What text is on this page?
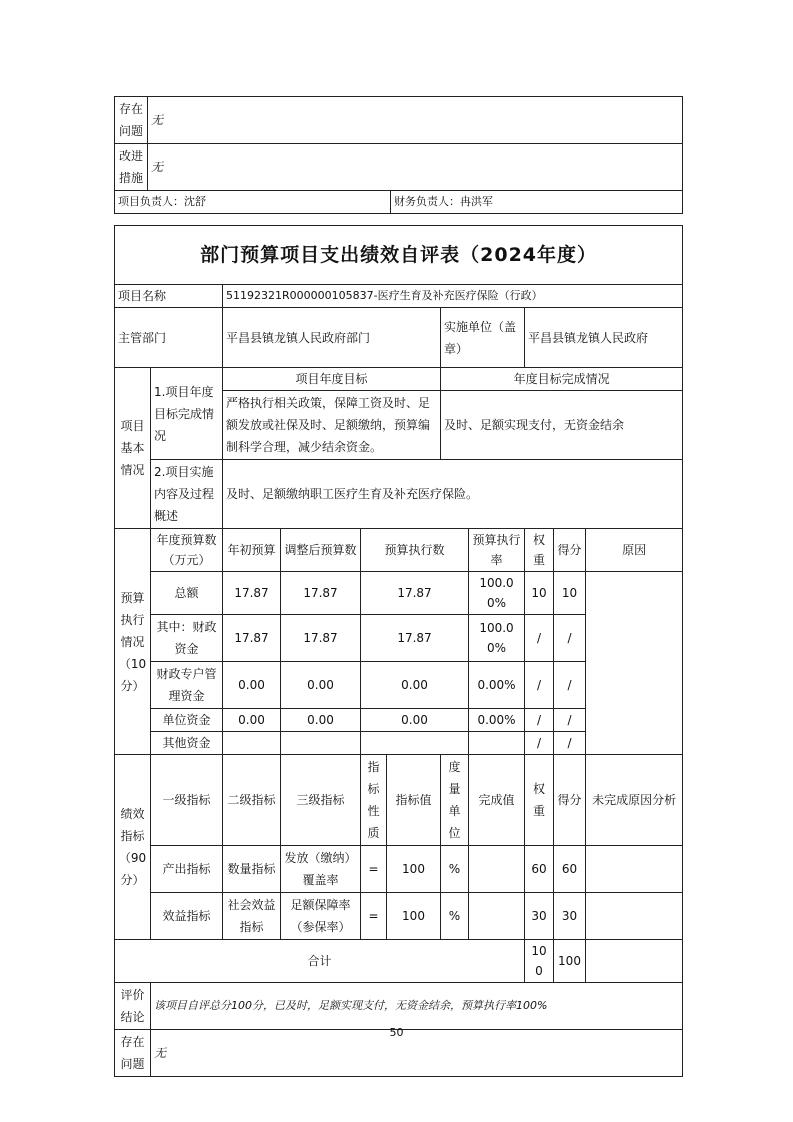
存在问题	无	
改进措施	无	
项目负责人：沈舒		财务负责人：冉洪军
部门预算项目支出绩效自评表（2024年度）										
项目名称		51192321R000000105837-医疗生育及补充医疗保险（行政）								
主管部门		平昌县镇龙镇人民政府部门				实施单位（盖章）		平昌县镇龙镇人民政府		
项目基本情况	1.项目年度目标完成情况	项目年度目标				年度目标完成情况				
		严格执行相关政策，保障工资及时、足额发放或社保及时、足额缴纳，预算编制科学合理，减少结余资金。				及时、足额实现支付，无资金结余				
	2.项目实施内容及过程概述	及时、足额缴纳职工医疗生育及补充医疗保险。								
预算执行情况（10分）	年度预算数（万元）	年初预算	调整后预算数	预算执行数			预算执行率	权重	得分	原因
	总额	17.87	17.87	17.87			100.00%	10	10	
	其中：财政资金	17.87	17.87	17.87			100.00%	/	/	
	财政专户管理资金	0.00	0.00	0.00			0.00%	/	/	
	单位资金	0.00	0.00	0.00			0.00%	/	/	
	其他资金							/	/	
绩效指标（90分）	一级指标	二级指标	三级指标	指标性质	指标值	度量单位	完成值	权重	得分	未完成原因分析
	产出指标	数量指标	发放（缴纳）覆盖率	=	100	%		60	60	
	效益指标	社会效益指标	足额保障率（参保率）	=	100	%		30	30	
合计								100	100	
评价结论	该项目自评总分100分，已及时，足额实现支付，无资金结余，预算执行率100%									
存在问题	无									
50
